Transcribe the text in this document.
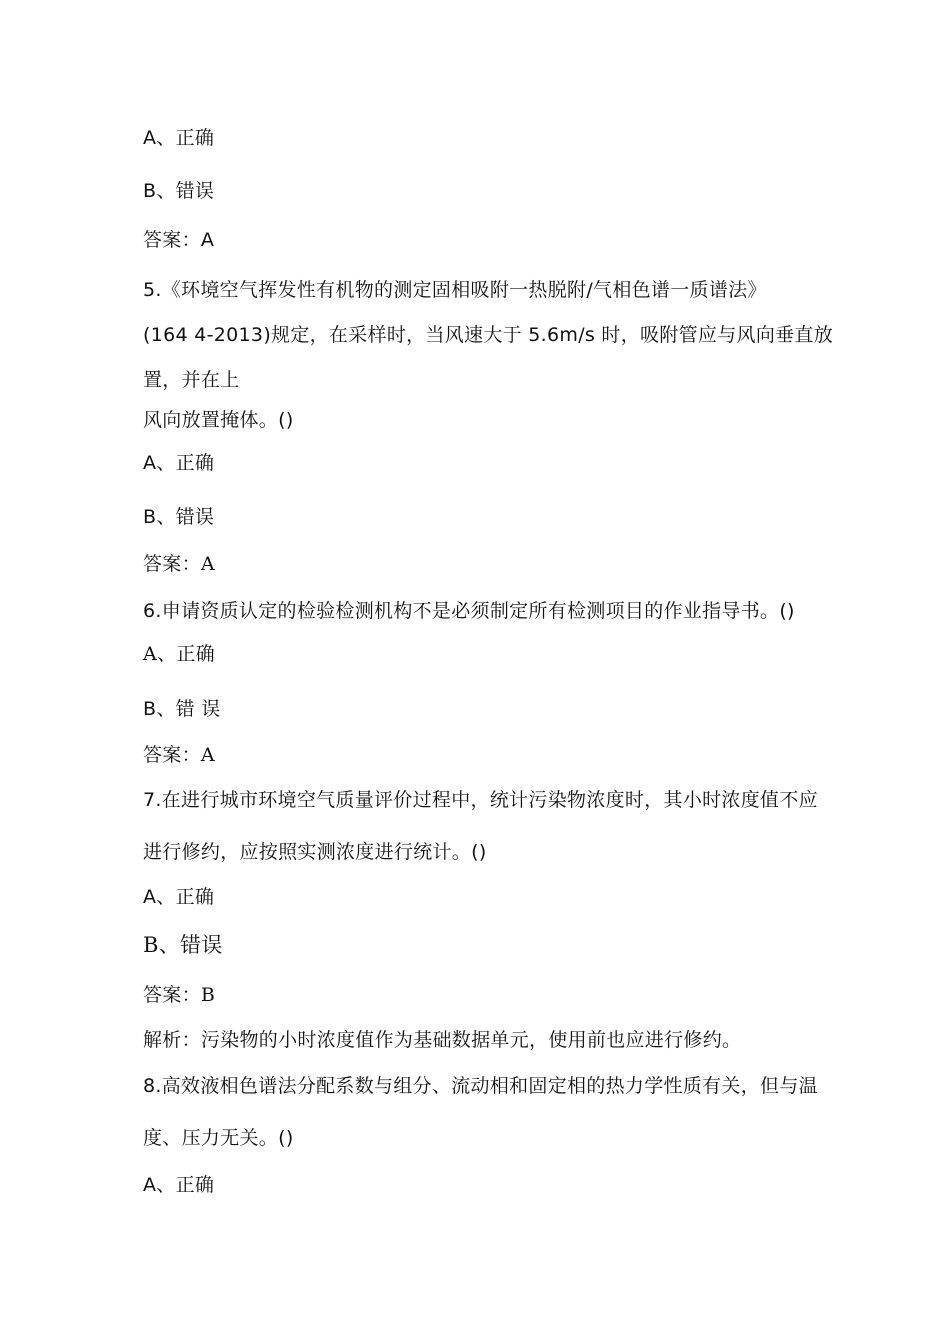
A、正确
B、错误
答案：A
5.《环境空气挥发性有机物的测定固相吸附一热脱附/气相色谱一质谱法》
(164 4-2013)规定，在采样时，当风速大于 5.6m/s 时，吸附管应与风向垂直放
置，并在上
风向放置掩体。()
A、正确
B、错误
答案：A
6.申请资质认定的检验检测机构不是必须制定所有检测项目的作业指导书。()
A、正确
B、错 误
答案：A
7.在进行城市环境空气质量评价过程中，统计污染物浓度时，其小时浓度值不应
进行修约，应按照实测浓度进行统计。()
A、正确
B、错误
答案：B
解析：污染物的小时浓度值作为基础数据单元，使用前也应进行修约。
8.高效液相色谱法分配系数与组分、流动相和固定相的热力学性质有关，但与温
度、压力无关。()
A、正确
